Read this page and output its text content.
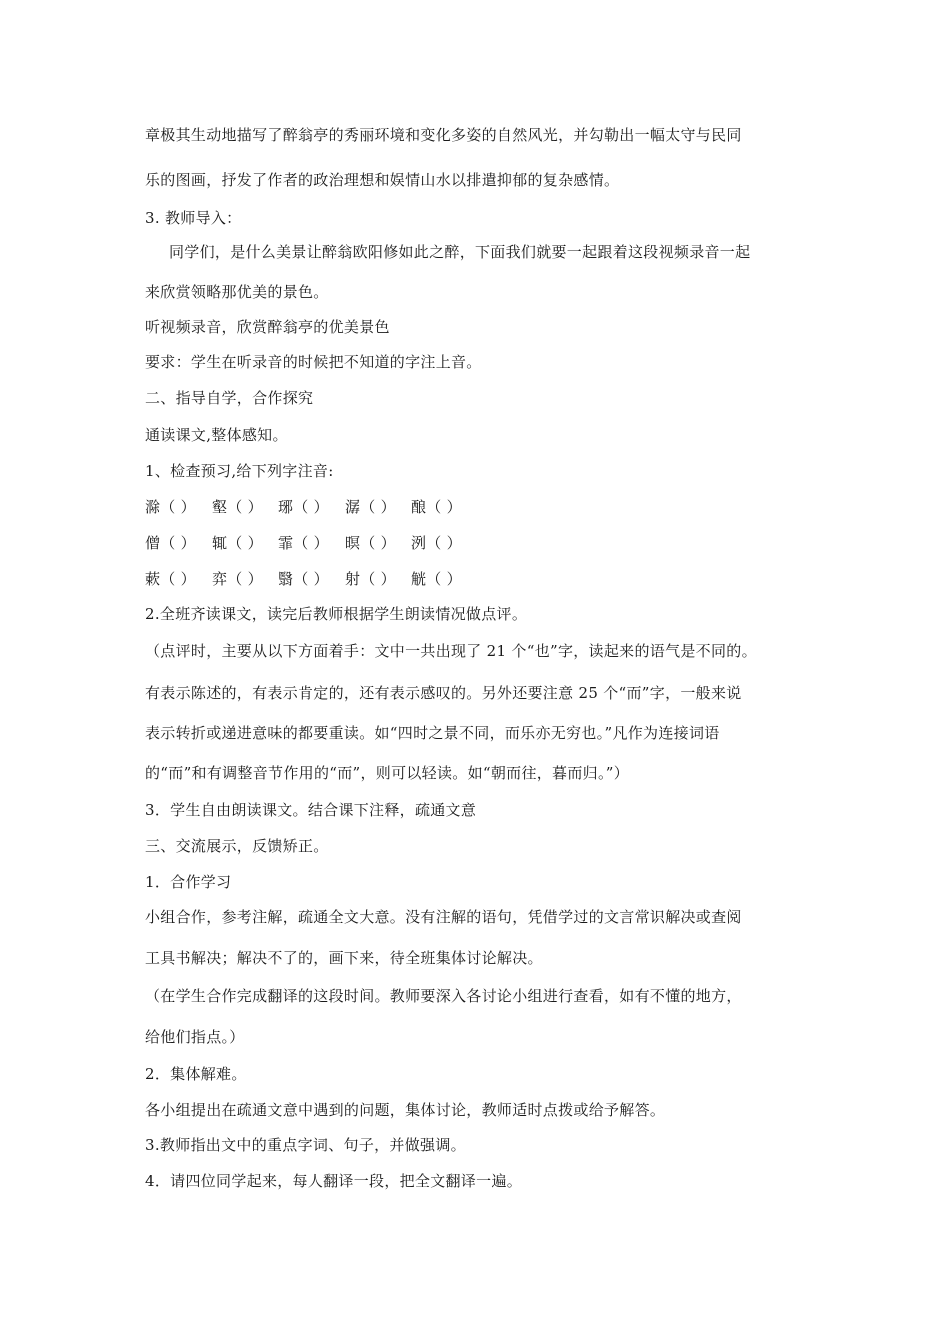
章极其生动地描写了醉翁亭的秀丽环境和变化多姿的自然风光，并勾勒出一幅太守与民同
乐的图画，抒发了作者的政治理想和娱情山水以排遣抑郁的复杂感情。
3. 教师导入：
同学们，是什么美景让醉翁欧阳修如此之醉，下面我们就要一起跟着这段视频录音一起
来欣赏领略那优美的景色。
听视频录音，欣赏醉翁亭的优美景色
要求：学生在听录音的时候把不知道的字注上音。
二、指导自学，合作探究
通读课文,整体感知。
1、检查预习,给下列字注音:
滁（ ） 壑（ ） 琊（ ） 潺（ ） 酿（ ）
僧（ ） 辄（ ） 霏（ ） 暝（ ） 洌（ ）
蔌（ ） 弈（ ） 翳（ ） 射（ ） 觥（ ）
2.全班齐读课文，读完后教师根据学生朗读情况做点评。
（点评时，主要从以下方面着手：文中一共出现了 21 个“也”字，读起来的语气是不同的。
有表示陈述的，有表示肯定的，还有表示感叹的。另外还要注意 25 个“而”字，一般来说
表示转折或递进意味的都要重读。如“四时之景不同，而乐亦无穷也。”凡作为连接词语
的“而”和有调整音节作用的“而”，则可以轻读。如“朝而往，暮而归。”）
3．学生自由朗读课文。结合课下注释，疏通文意
三、交流展示，反馈矫正。
1．合作学习
小组合作，参考注解，疏通全文大意。没有注解的语句，凭借学过的文言常识解决或查阅
工具书解决；解决不了的，画下来，待全班集体讨论解决。
（在学生合作完成翻译的这段时间。教师要深入各讨论小组进行查看，如有不懂的地方，
给他们指点。）
2．集体解难。
各小组提出在疏通文意中遇到的问题，集体讨论，教师适时点拨或给予解答。
3.教师指出文中的重点字词、句子，并做强调。
4．请四位同学起来，每人翻译一段，把全文翻译一遍。
